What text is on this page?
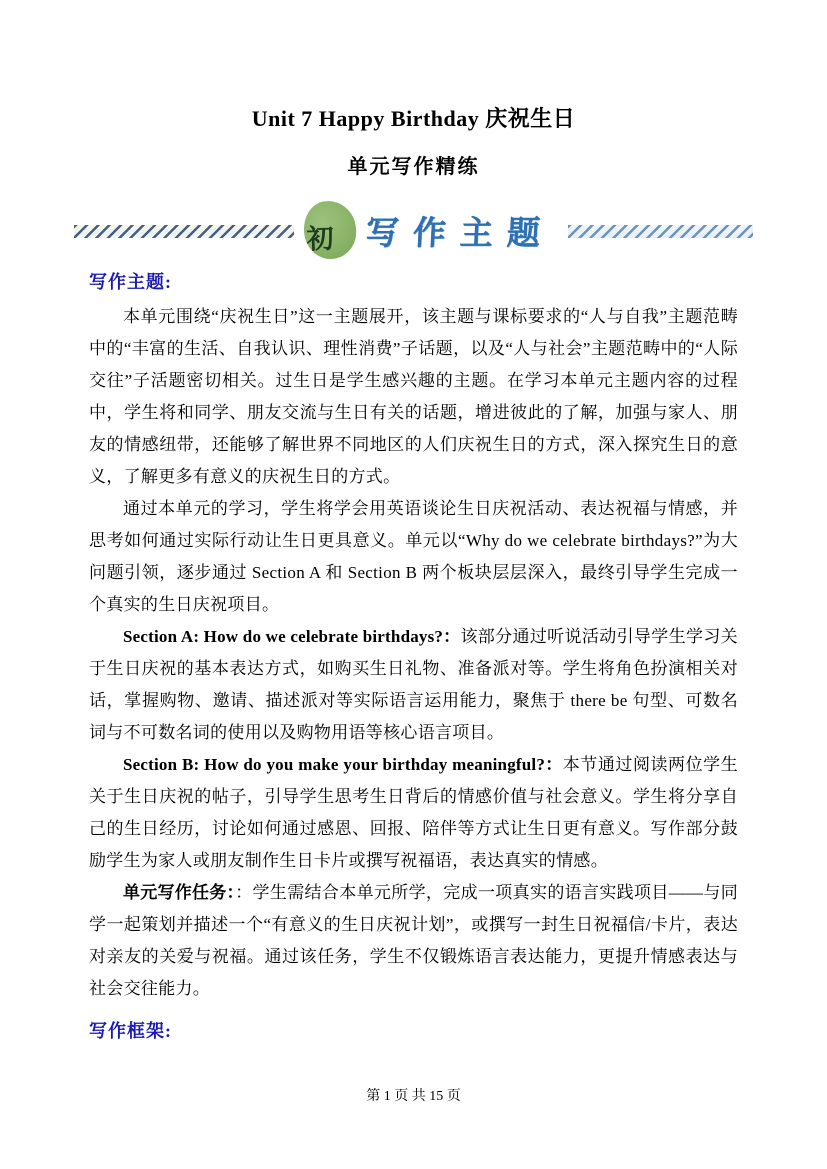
Unit 7 Happy Birthday 庆祝生日
单元写作精练
初 写作主题
写作主题:

本单元围绕“庆祝生日”这一主题展开，该主题与课标要求的“人与自我”主题范畴中的“丰富的生活、自我认识、理性消费”子话题，以及“人与社会”主题范畴中的“人际交往”子活题密切相关。过生日是学生感兴趣的主题。在学习本单元主题内容的过程中，学生将和同学、朋友交流与生日有关的话题，增进彼此的了解，加强与家人、朋友的情感纽带，还能够了解世界不同地区的人们庆祝生日的方式，深入探究生日的意义，了解更多有意义的庆祝生日的方式。

通过本单元的学习，学生将学会用英语谈论生日庆祝活动、表达祝福与情感，并思考如何通过实际行动让生日更具意义。单元以“Why do we celebrate birthdays?”为大问题引领，逐步通过 Section A 和 Section B 两个板块层层深入，最终引导学生完成一个真实的生日庆祝项目。

Section A: How do we celebrate birthdays?：该部分通过听说活动引导学生学习关于生日庆祝的基本表达方式，如购买生日礼物、准备派对等。学生将角色扮演相关对话，掌握购物、邀请、描述派对等实际语言运用能力，聚焦于 there be 句型、可数名词与不可数名词的使用以及购物用语等核心语言项目。

Section B: How do you make your birthday meaningful?：本节通过阅读两位学生关于生日庆祝的帖子，引导学生思考生日背后的情感价值与社会意义。学生将分享自己的生日经历，讨论如何通过感恩、回报、陪伴等方式让生日更有意义。写作部分鼓励学生为家人或朋友制作生日卡片或撰写祝福语，表达真实的情感。

单元写作任务：：学生需结合本单元所学，完成一项真实的语言实践项目——与同学一起策划并描述一个“有意义的生日庆祝计划”，或撰写一封生日祝福信/卡片，表达对亲友的关爱与祝福。通过该任务，学生不仅锻炼语言表达能力，更提升情感表达与社会交往能力。

写作框架:
第 1 页 共 15 页
